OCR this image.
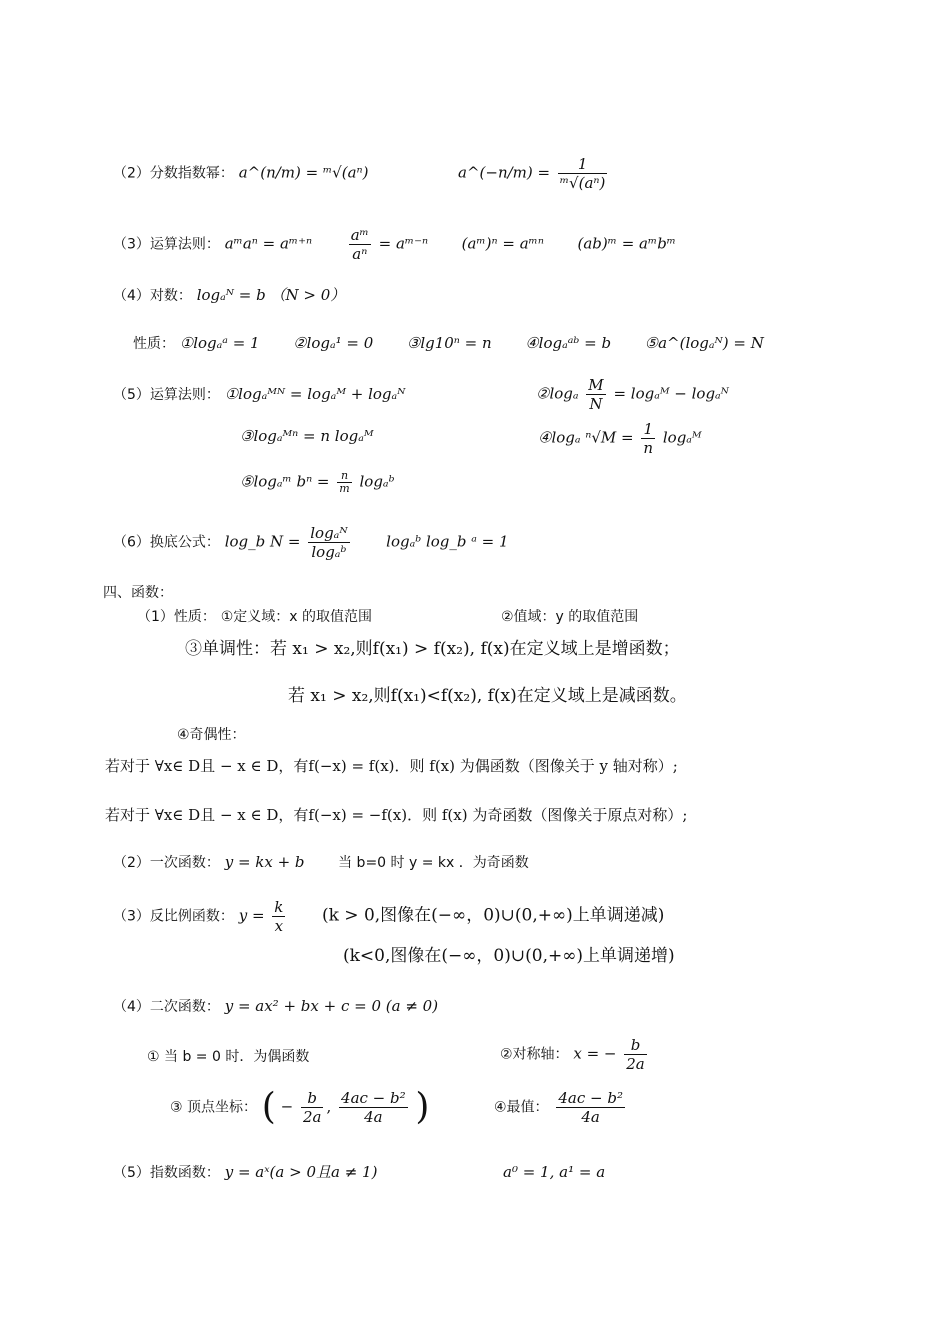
（2）分数指数幂： a^(n/m) = ᵐ√(aⁿ)	a^(−n/m) = $\frac{1}{\text{ᵐ√(aⁿ)}}$
（3）运算法则： aᵐaⁿ = aᵐ⁺ⁿ $\frac{\text{aᵐ}}{\text{aⁿ}}$ = aᵐ⁻ⁿ (aᵐ)ⁿ = aᵐⁿ (ab)ᵐ = aᵐbᵐ
（4）对数： logₐᴺ = b （N > 0）
性质： ①logₐᵃ = 1 ②logₐ¹ = 0 ③lg10ⁿ = n ④logₐᵃᵇ = b ⑤a^(logₐᴺ) = N
（5）运算法则： ①logₐᴹᴺ = logₐᴹ + logₐᴺ	②logₐ $\frac{M}{N}$ = logₐᴹ − logₐᴺ
③logₐᴹⁿ = n logₐᴹ	④logₐ $^n√M = \frac{1}{n}$ logₐᴹ
⑤logₐᵐ $b^n = \frac{n}{m}$ logₐᵇ
（6）换底公式： log_b $N = \frac{\text{logₐᴺ}}{\text{logₐᵇ}}$ logₐᵇ log_b ᵃ = 1
四、函数：
（1）性质： ①定义域：x 的取值范围	②值域：y 的取值范围
③单调性：若 x₁ > x₂,则f(x₁) > f(x₂), f(x)在定义域上是增函数；
若 x₁ > x₂,则f(x₁)<f(x₂), f(x)在定义域上是减函数。
④奇偶性：
若对于 ∀x∈ D且 − x ∈ D，有f(−x) = f(x)．则 f(x) 为偶函数（图像关于 y 轴对称）;
若对于 ∀x∈ D且 − x ∈ D，有f(−x) = −f(x)．则 f(x) 为奇函数（图像关于原点对称）;
（2）一次函数： y = kx + b 当 b=0 时 y = kx ．为奇函数
（3）反比例函数： $y = \frac{k}{x} (k > 0$,图像在(−∞，0)∪(0,+∞)上单调递减)
(k<0,图像在(−∞，0)∪(0,+∞)上单调递增)
（4）二次函数： y = ax² + bx + c = 0 (a ≠ 0)
① 当 b = 0 时．为偶函数	②对称轴： x = − $\frac{b}{2a}$
③ 顶点坐标： ( − $\frac{b}{2a}$ , $\frac{\text{4ac − b²}}{4a}$ )	④最值： $\frac{\text{4ac − b²}}{4a}$
（5）指数函数： y = aˣ(a > 0且a ≠ 1)	a⁰ = 1, a¹ = a
